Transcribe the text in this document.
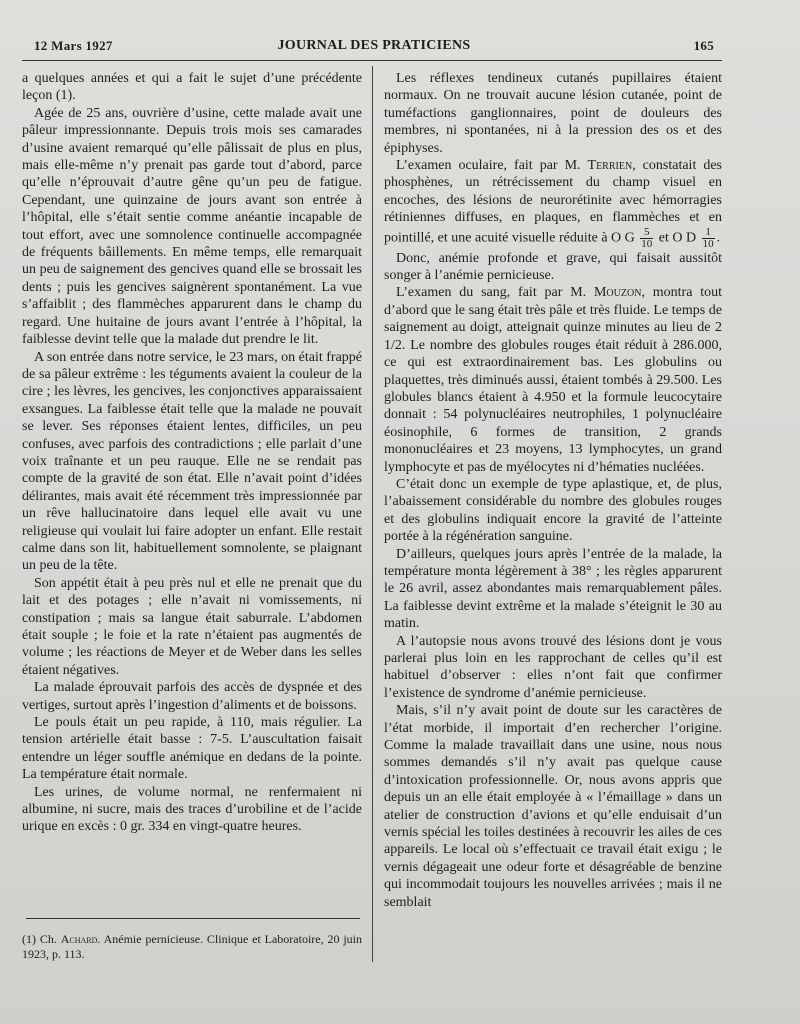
12 Mars 1927	JOURNAL DES PRATICIENS	165

a quelques années et qui a fait le sujet d’une précédente leçon (1).

Agée de 25 ans, ouvrière d’usine, cette malade avait une pâleur impressionnante. Depuis trois mois ses camarades d’usine avaient remarqué qu’elle pâlissait de plus en plus, mais elle-même n’y prenait pas garde tout d’abord, parce qu’elle n’éprouvait d’autre gêne qu’un peu de fatigue. Cependant, une quinzaine de jours avant son entrée à l’hôpital, elle s’était sentie comme anéantie incapable de tout effort, avec une somnolence continuelle accompagnée de fréquents bâillements. En même temps, elle remarquait un peu de saignement des gencives quand elle se brossait les dents ; puis les gencives saignèrent spontanément. La vue s’affaiblit ; des flammèches apparurent dans le champ du regard. Une huitaine de jours avant l’entrée à l’hôpital, la faiblesse devint telle que la malade dut prendre le lit.

A son entrée dans notre service, le 23 mars, on était frappé de sa pâleur extrême : les téguments avaient la couleur de la cire ; les lèvres, les gencives, les conjonctives apparaissaient exsangues. La faiblesse était telle que la malade ne pouvait se lever. Ses réponses étaient lentes, difficiles, un peu confuses, avec parfois des contradictions ; elle parlait d’une voix traînante et un peu rauque. Elle ne se rendait pas compte de la gravité de son état. Elle n’avait point d’idées délirantes, mais avait été récemment très impressionnée par un rêve hallucinatoire dans lequel elle avait vu une religieuse qui voulait lui faire adopter un enfant. Elle restait calme dans son lit, habituellement somnolente, se plaignant un peu de la tête.

Son appétit était à peu près nul et elle ne prenait que du lait et des potages ; elle n’avait ni vomissements, ni constipation ; mais sa langue était saburrale. L’abdomen était souple ; le foie et la rate n’étaient pas augmentés de volume ; les réactions de Meyer et de Weber dans les selles étaient négatives.

La malade éprouvait parfois des accès de dyspnée et des vertiges, surtout après l’ingestion d’aliments et de boissons.

Le pouls était un peu rapide, à 110, mais régulier. La tension artérielle était basse : 7-5. L’auscultation faisait entendre un léger souffle anémique en dedans de la pointe. La température était normale.

Les urines, de volume normal, ne renfermaient ni albumine, ni sucre, mais des traces d’urobiline et de l’acide urique en excès : 0 gr. 334 en vingt-quatre heures.

(1) Ch. Achard. Anémie pernicieuse. Clinique et Laboratoire, 20 juin 1923, p. 113.

Les réflexes tendineux cutanés pupillaires étaient normaux. On ne trouvait aucune lésion cutanée, point de tuméfactions ganglionnaires, point de douleurs des membres, ni spontanées, ni à la pression des os et des épiphyses.

L’examen oculaire, fait par M. Terrien, constatait des phosphènes, un rétrécissement du champ visuel en encoches, des lésions de neurorétinite avec hémorragies rétiniennes diffuses, en plaques, en flammèches et en pointillé, et une acuité visuelle réduite à O G $\frac{5}{10}$ et O D $\frac{1}{10}$ .

Donc, anémie profonde et grave, qui faisait aussitôt songer à l’anémie pernicieuse.

L’examen du sang, fait par M. Mouzon, montra tout d’abord que le sang était très pâle et très fluide. Le temps de saignement au doigt, atteignait quinze minutes au lieu de 2 1/2. Le nombre des globules rouges était réduit à 286.000, ce qui est extraordinairement bas. Les globulins ou plaquettes, très diminués aussi, étaient tombés à 29.500. Les globules blancs étaient à 4.950 et la formule leucocytaire donnait : 54 polynucléaires neutrophiles, 1 polynucléaire éosinophile, 6 formes de transition, 2 grands mononucléaires et 23 moyens, 13 lymphocytes, un grand lymphocyte et pas de myélocytes ni d’hématies nucléées.

C’était donc un exemple de type aplastique, et, de plus, l’abaissement considérable du nombre des globules rouges et des globulins indiquait encore la gravité de l’atteinte portée à la régénération sanguine.

D’ailleurs, quelques jours après l’entrée de la malade, la température monta légèrement à 38° ; les règles apparurent le 26 avril, assez abondantes mais remarquablement pâles. La faiblesse devint extrême et la malade s’éteignit le 30 au matin.

A l’autopsie nous avons trouvé des lésions dont je vous parlerai plus loin en les rapprochant de celles qu’il est habituel d’observer : elles n’ont fait que confirmer l’existence de syndrome d’anémie pernicieuse.

Mais, s’il n’y avait point de doute sur les caractères de l’état morbide, il importait d’en rechercher l’origine. Comme la malade travaillait dans une usine, nous nous sommes demandés s’il n’y avait pas quelque cause d’intoxication professionnelle. Or, nous avons appris que depuis un an elle était employée à « l’émaillage » dans un atelier de construction d’avions et qu’elle enduisait d’un vernis spécial les toiles destinées à recouvrir les ailes de ces appareils. Le local où s’effectuait ce travail était exigu ; le vernis dégageait une odeur forte et désagréable de benzine qui incommodait toujours les nouvelles arrivées ; mais il ne semblait
